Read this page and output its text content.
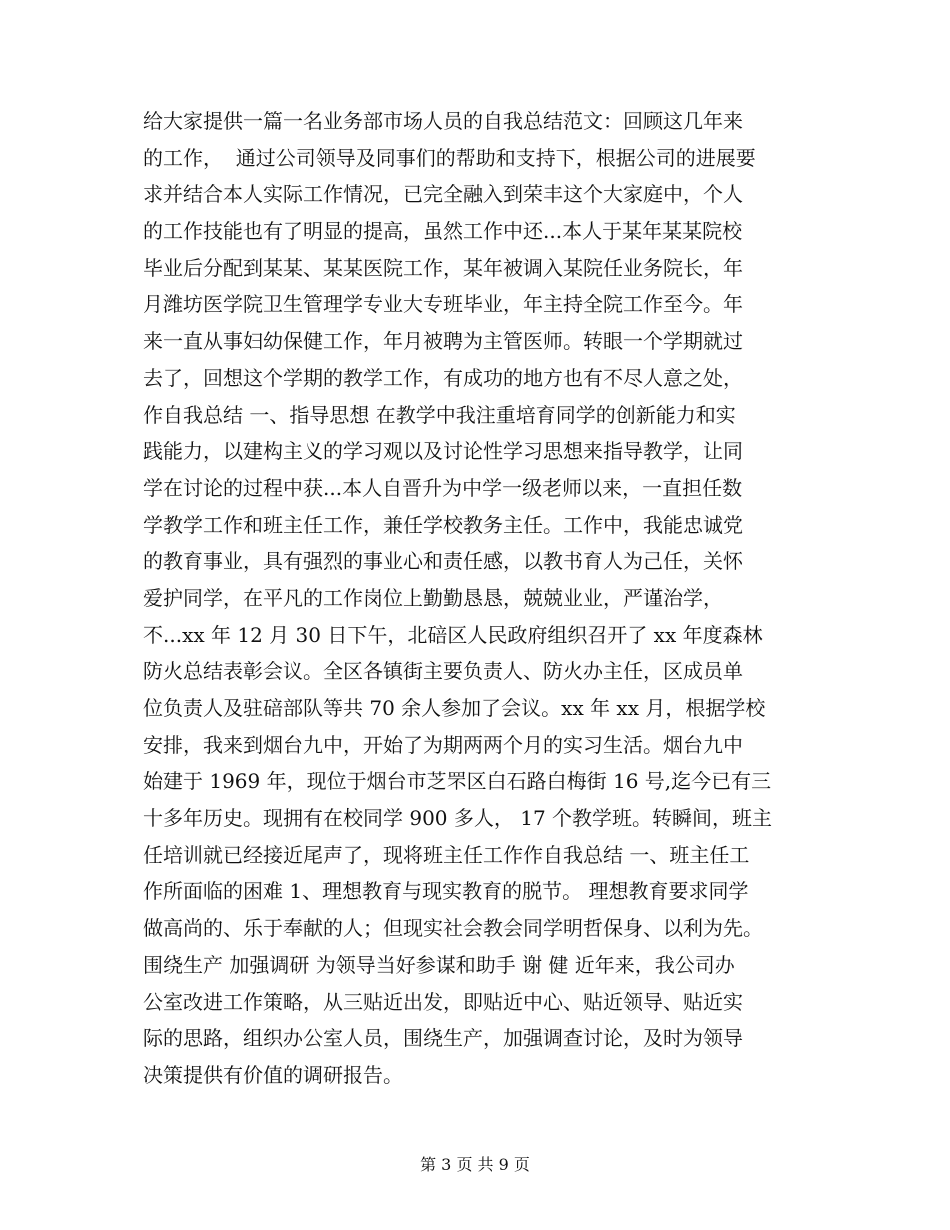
给大家提供一篇一名业务部市场人员的自我总结范文：回顾这几年来
的工作，  通过公司领导及同事们的帮助和支持下，根据公司的进展要
求并结合本人实际工作情况，已完全融入到荣丰这个大家庭中，个人
的工作技能也有了明显的提高，虽然工作中还...本人于某年某某院校
毕业后分配到某某、某某医院工作，某年被调入某院任业务院长，年
月潍坊医学院卫生管理学专业大专班毕业，年主持全院工作至今。年
来一直从事妇幼保健工作，年月被聘为主管医师。转眼一个学期就过
去了，回想这个学期的教学工作，有成功的地方也有不尽人意之处，
作自我总结 一、指导思想 在教学中我注重培育同学的创新能力和实
践能力，以建构主义的学习观以及讨论性学习思想来指导教学，让同
学在讨论的过程中获...本人自晋升为中学一级老师以来，一直担任数
学教学工作和班主任工作，兼任学校教务主任。工作中，我能忠诚党
的教育事业，具有强烈的事业心和责任感，以教书育人为己任，关怀
爱护同学，在平凡的工作岗位上勤勤恳恳，兢兢业业，严谨治学，
不...xx 年 12 月 30 日下午，北碚区人民政府组织召开了 xx 年度森林
防火总结表彰会议。全区各镇街主要负责人、防火办主任，区成员单
位负责人及驻碚部队等共 70 余人参加了会议。xx 年 xx 月，根据学校
安排，我来到烟台九中，开始了为期两两个月的实习生活。烟台九中
始建于 1969 年，现位于烟台市芝罘区白石路白梅街 16 号,迄今已有三
十多年历史。现拥有在校同学 900 多人， 17 个教学班。转瞬间，班主
任培训就已经接近尾声了，现将班主任工作作自我总结 一、班主任工
作所面临的困难 1、理想教育与现实教育的脱节。 理想教育要求同学
做高尚的、乐于奉献的人；但现实社会教会同学明哲保身、以利为先。
围绕生产 加强调研 为领导当好参谋和助手 谢 健 近年来，我公司办
公室改进工作策略，从三贴近出发，即贴近中心、贴近领导、贴近实
际的思路，组织办公室人员，围绕生产，加强调查讨论，及时为领导
决策提供有价值的调研报告。
第 3 页 共 9 页
